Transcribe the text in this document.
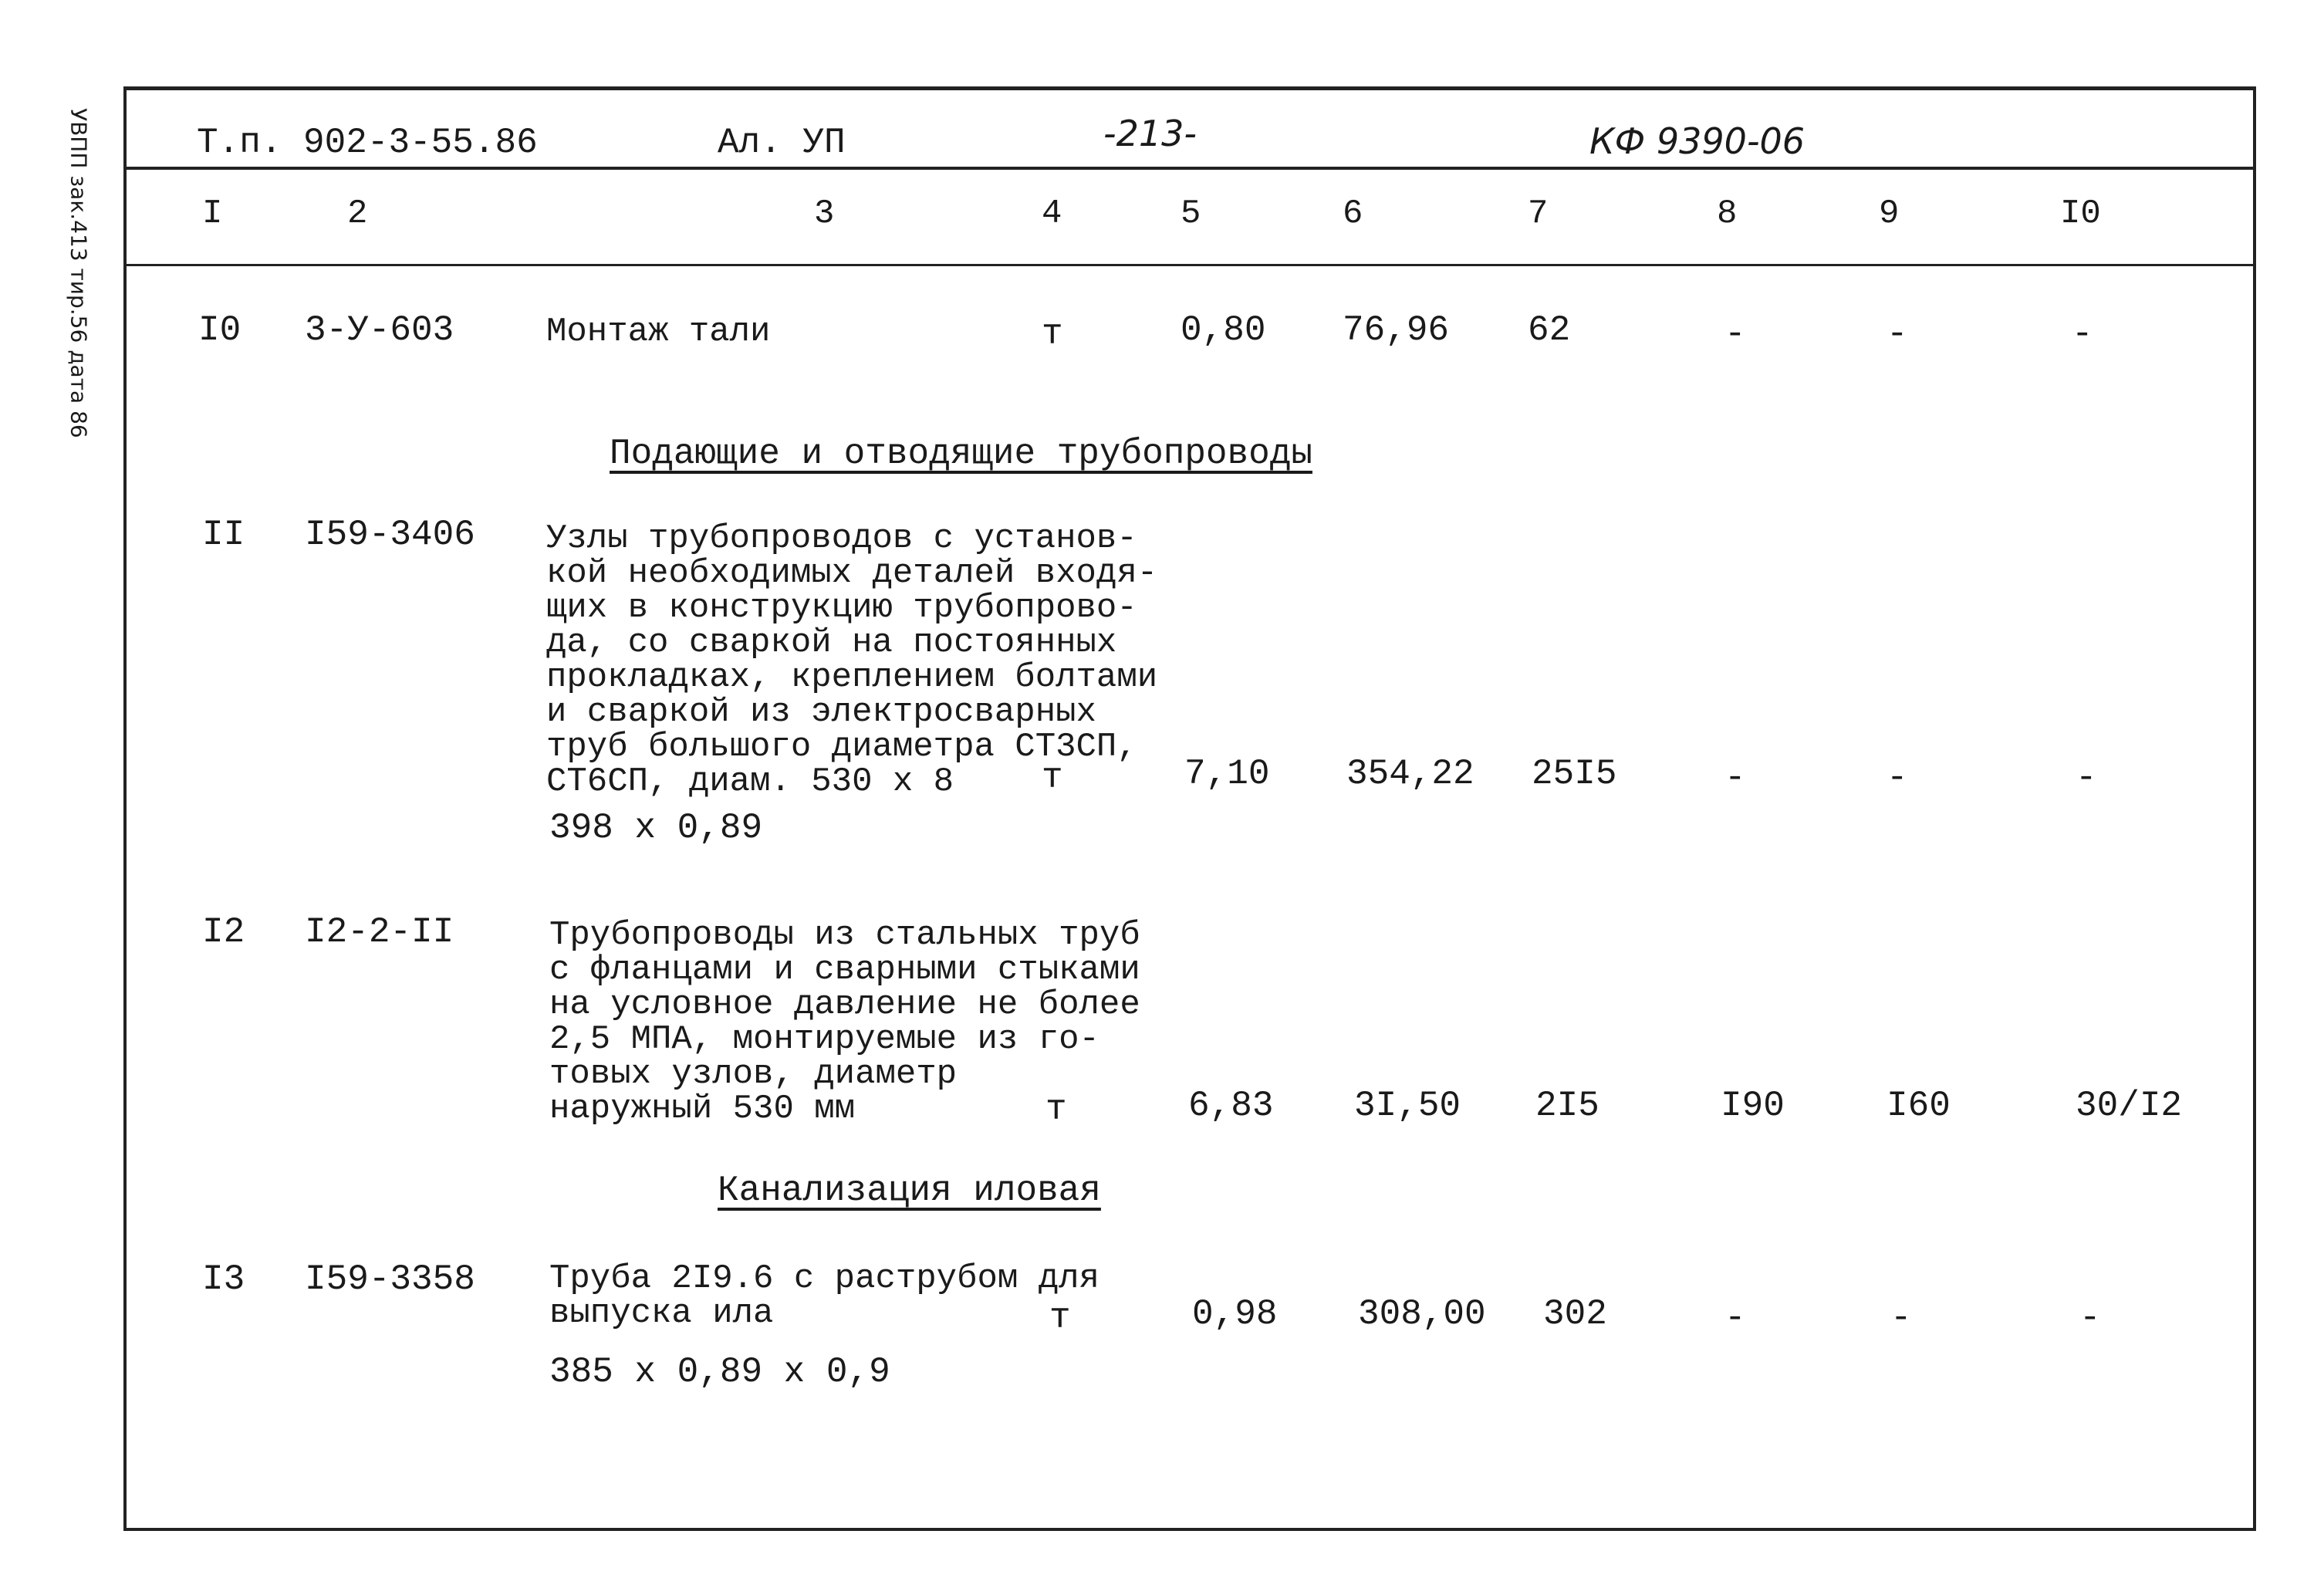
УВПП зак.413 тир.56 дата 86	Т.п. 902-3-55.86	Ал. УП	-213-	КФ 9390-06
I	2	3	4	5	6	7	8	9	I0
I0 3-У-603	Монтаж тали	т	0,80 76,96 62	-	-	-
Подающие и отводящие трубопроводы
II I59-3406 Узлы трубопроводов с установ-
кой необходимых деталей входя-
щих в конструкцию трубопрово-
да, со сваркой на постоянных
прокладках, креплением болтами
и сваркой из электросварных
труб большого диаметра СТ3СП,
СТ6СП, диам. 530 х 8	т	7,10 354,22 25I5	-	-	-
398 х 0,89
I2 I2-2-II	Трубопроводы из стальных труб
с фланцами и сварными стыками
на условное давление не более
2,5 МПА, монтируемые из го-
товых узлов, диаметр
наружный 530 мм	т	6,83 3I,50 2I5	I90	I60	30/I2
Канализация иловая
I3 I59-3358 Труба 2I9.6 с раструбом для
выпуска ила	т	0,98 308,00 302	-	-	-
385 х 0,89 х 0,9
